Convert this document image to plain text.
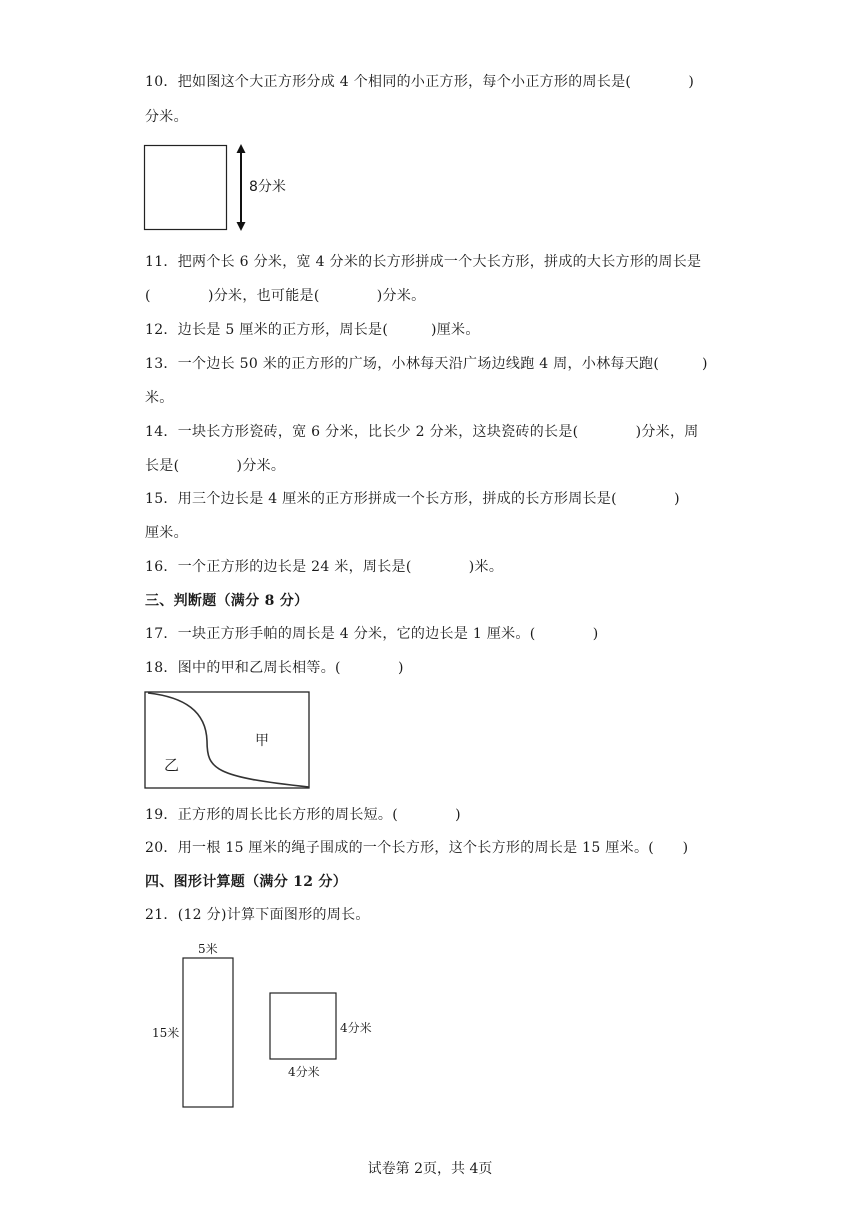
10．把如图这个大正方形分成 4 个相同的小正方形，每个小正方形的周长是(　　　　)
分米。
8分米
11．把两个长 6 分米，宽 4 分米的长方形拼成一个大长方形，拼成的大长方形的周长是
(　　　　)分米，也可能是(　　　　)分米。
12．边长是 5 厘米的正方形，周长是(　　　)厘米。
13．一个边长 50 米的正方形的广场，小林每天沿广场边线跑 4 周，小林每天跑(　　　)
米。
14．一块长方形瓷砖，宽 6 分米，比长少 2 分米，这块瓷砖的长是(　　　　)分米，周
长是(　　　　)分米。
15．用三个边长是 4 厘米的正方形拼成一个长方形，拼成的长方形周长是(　　　　)
厘米。
16．一个正方形的边长是 24 米，周长是(　　　　)米。
三、判断题（满分 8 分）
17．一块正方形手帕的周长是 4 分米，它的边长是 1 厘米。(　　　　)
18．图中的甲和乙周长相等。(　　　　)
甲
乙
19．正方形的周长比长方形的周长短。(　　　　)
20．用一根 15 厘米的绳子围成的一个长方形，这个长方形的周长是 15 厘米。(　　)
四、图形计算题（满分 12 分）
21．(12 分)计算下面图形的周长。
5米
15米	4分米
4分米
试卷第 2页，共 4页
